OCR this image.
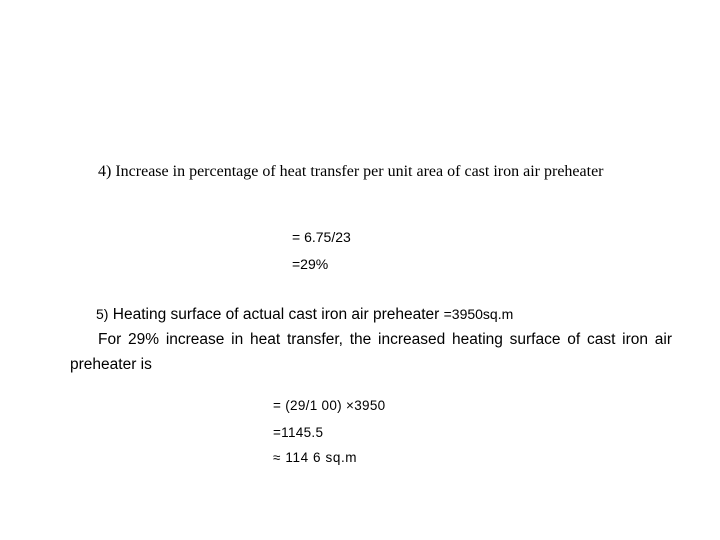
4) Increase in percentage of heat transfer per unit area of cast iron air preheater

= 6.75/23
=29%
5) Heating surface of actual cast iron air preheater =3950sq.m
For 29% increase in heat transfer, the increased heating surface of cast iron air preheater is
= (29/1 00) ×3950
=1145.5
≈ 114 6 sq.m
